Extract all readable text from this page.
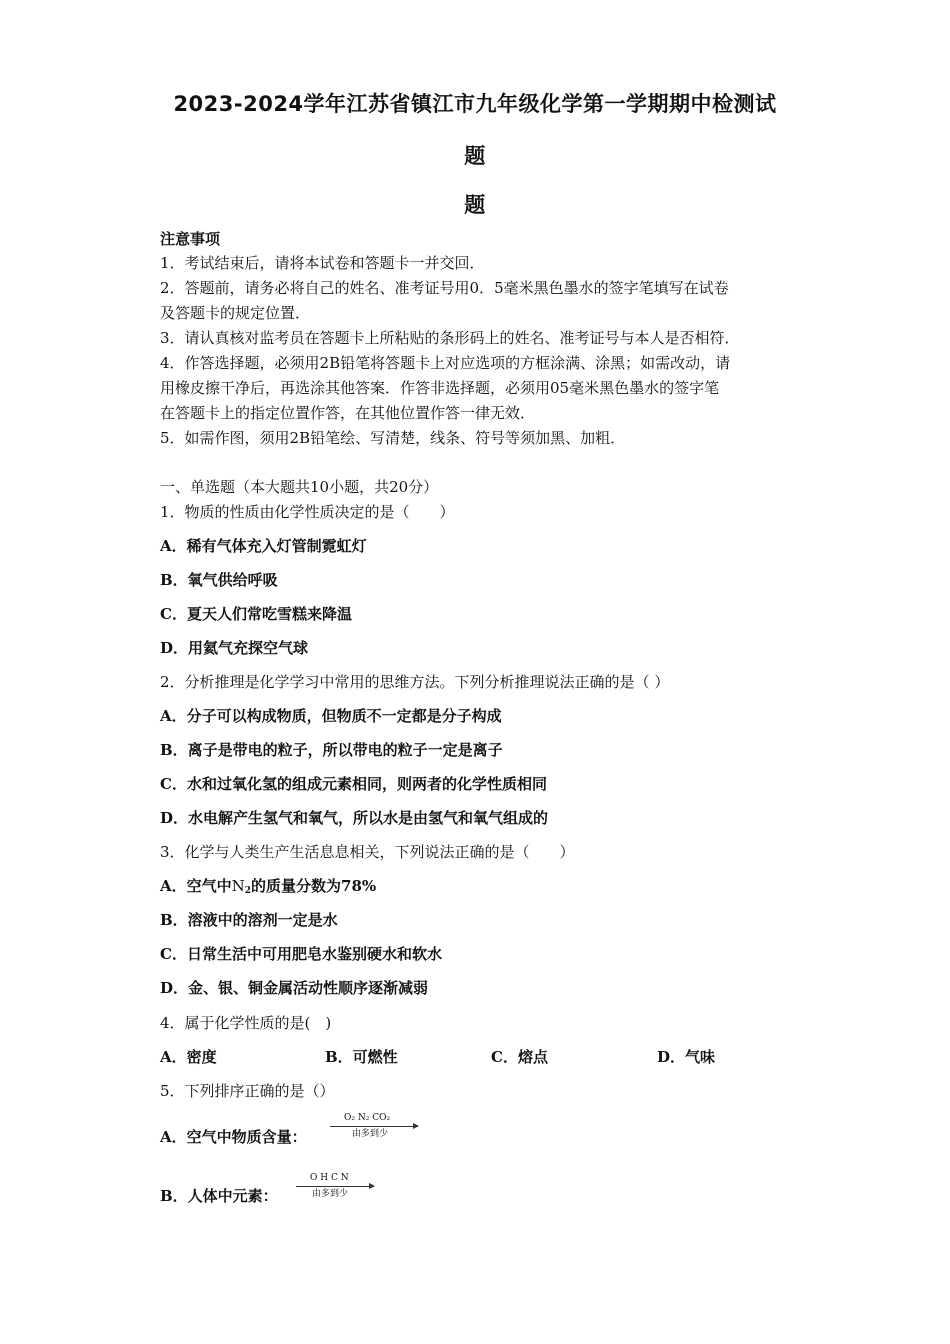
2023-2024学年江苏省镇江市九年级化学第一学期期中检测试
题
题
注意事项
1．考试结束后，请将本试卷和答题卡一并交回．
2．答题前，请务必将自己的姓名、准考证号用0．5毫米黑色墨水的签字笔填写在试卷
及答题卡的规定位置．
3．请认真核对监考员在答题卡上所粘贴的条形码上的姓名、准考证号与本人是否相符．
4．作答选择题，必须用2B铅笔将答题卡上对应选项的方框涂满、涂黑；如需改动，请
用橡皮擦干净后，再选涂其他答案．作答非选择题，必须用05毫米黑色墨水的签字笔
在答题卡上的指定位置作答，在其他位置作答一律无效．
5．如需作图，须用2B铅笔绘、写清楚，线条、符号等须加黑、加粗．
一、单选题（本大题共10小题，共20分）
1．物质的性质由化学性质决定的是（　　）
A．稀有气体充入灯管制霓虹灯
B．氧气供给呼吸
C．夏天人们常吃雪糕来降温
D．用氦气充探空气球
2．分析推理是化学学习中常用的思维方法。下列分析推理说法正确的是（ ）
A．分子可以构成物质，但物质不一定都是分子构成
B．离子是带电的粒子，所以带电的粒子一定是离子
C．水和过氧化氢的组成元素相同，则两者的化学性质相同
D．水电解产生氢气和氧气，所以水是由氢气和氧气组成的
3．化学与人类生产生活息息相关，下列说法正确的是（　　）
A．空气中$N_2$的质量分数为78%
B．溶液中的溶剂一定是水
C．日常生活中可用肥皂水鉴别硬水和软水
D．金、银、铜金属活动性顺序逐渐减弱
4．属于化学性质的是(　)
A．密度	B．可燃性	C．熔点	D．气味
5．下列排序正确的是（）
A．空气中物质含量：
O₂ N₂ CO₂
由多到少
B．人体中元素：
O H C N
由多到少
